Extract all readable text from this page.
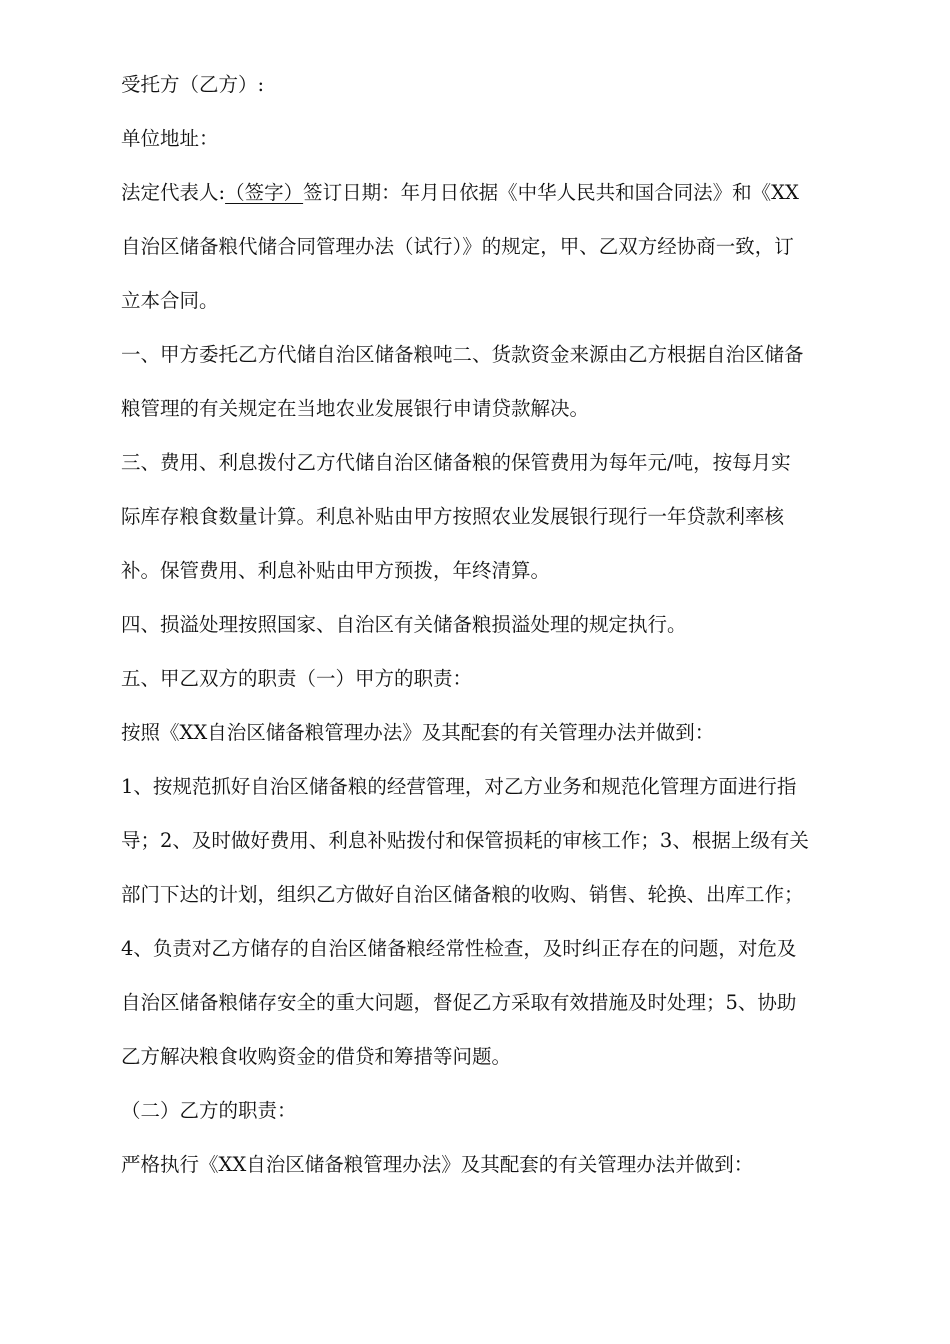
受托方（乙方）:
单位地址：
法定代表人:（签字）签订日期：年月日依据《中华人民共和国合同法》和《XX
自治区储备粮代储合同管理办法（试行）》的规定，甲、乙双方经协商一致，订
立本合同。
一、甲方委托乙方代储自治区储备粮吨二、货款资金来源由乙方根据自治区储备
粮管理的有关规定在当地农业发展银行申请贷款解决。
三、费用、利息拨付乙方代储自治区储备粮的保管费用为每年元/吨，按每月实
际库存粮食数量计算。利息补贴由甲方按照农业发展银行现行一年贷款利率核
补。保管费用、利息补贴由甲方预拨，年终清算。
四、损溢处理按照国家、自治区有关储备粮损溢处理的规定执行。
五、甲乙双方的职责（一）甲方的职责：
按照《XX自治区储备粮管理办法》及其配套的有关管理办法并做到：
1、按规范抓好自治区储备粮的经营管理，对乙方业务和规范化管理方面进行指
导；2、及时做好费用、利息补贴拨付和保管损耗的审核工作；3、根据上级有关
部门下达的计划，组织乙方做好自治区储备粮的收购、销售、轮换、出库工作；
4、负责对乙方储存的自治区储备粮经常性检查，及时纠正存在的问题，对危及
自治区储备粮储存安全的重大问题，督促乙方采取有效措施及时处理；5、协助
乙方解决粮食收购资金的借贷和筹措等问题。
（二）乙方的职责：
严格执行《XX自治区储备粮管理办法》及其配套的有关管理办法并做到：
